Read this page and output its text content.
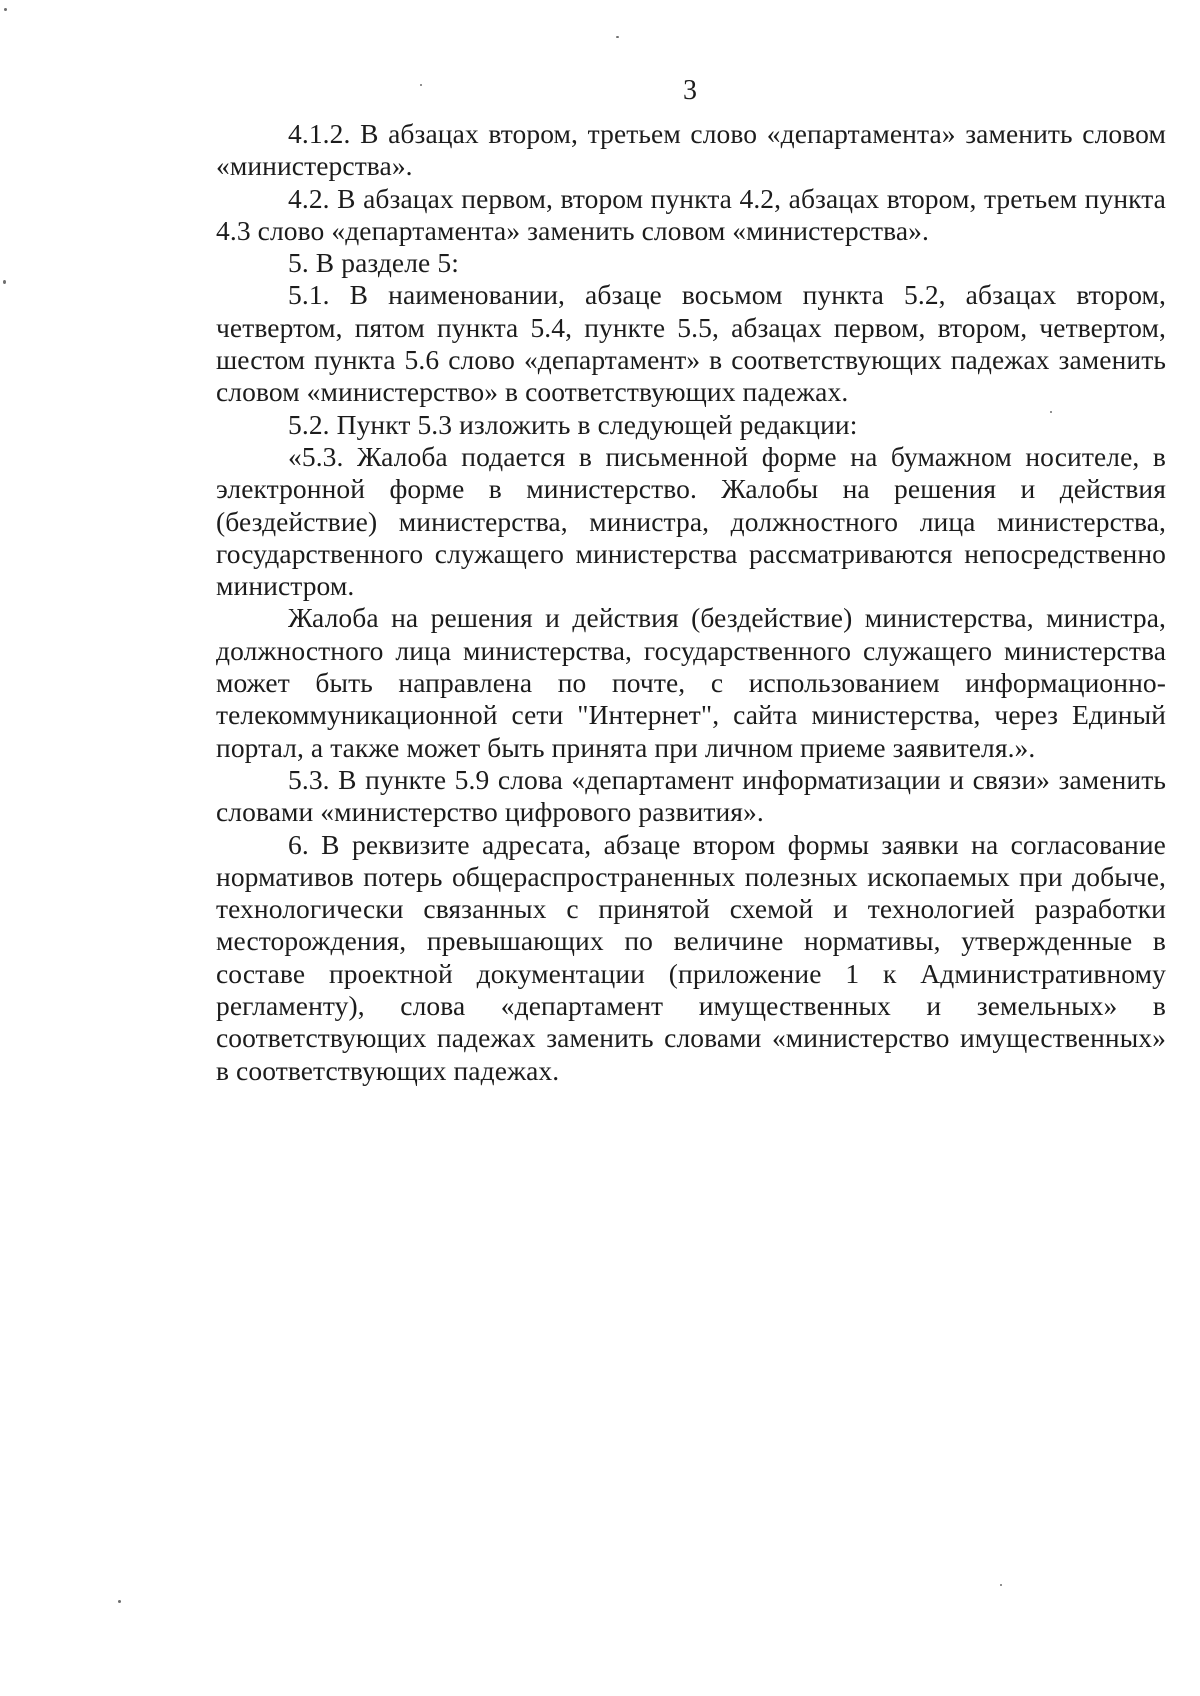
3

4.1.2. В абзацах втором, третьем слово «департамента» заменить словом «министерства».

4.2. В абзацах первом, втором пункта 4.2, абзацах втором, третьем пункта 4.3 слово «департамента» заменить словом «министерства».

5. В разделе 5:

5.1. В наименовании, абзаце восьмом пункта 5.2, абзацах втором, четвертом, пятом пункта 5.4, пункте 5.5, абзацах первом, втором, четвертом, шестом пункта 5.6 слово «департамент» в соответствующих падежах заменить словом «министерство» в соответствующих падежах.

5.2. Пункт 5.3 изложить в следующей редакции:

«5.3. Жалоба подается в письменной форме на бумажном носителе, в электронной форме в министерство. Жалобы на решения и действия (бездействие) министерства, министра, должностного лица министерства, государственного служащего министерства рассматриваются непосредственно министром.

Жалоба на решения и действия (бездействие) министерства, министра, должностного лица министерства, государственного служащего министерства может быть направлена по почте, с использованием информационно-телекоммуникационной сети "Интернет", сайта министерства, через Единый портал, а также может быть принята при личном приеме заявителя.».

5.3. В пункте 5.9 слова «департамент информатизации и связи» заменить словами «министерство цифрового развития».

6. В реквизите адресата, абзаце втором формы заявки на согласование нормативов потерь общераспространенных полезных ископаемых при добыче, технологически связанных с принятой схемой и технологией разработки месторождения, превышающих по величине нормативы, утвержденные в составе проектной документации (приложение 1 к Административному регламенту), слова «департамент имущественных и земельных» в соответствующих падежах заменить словами «министерство имущественных» в соответствующих падежах.
